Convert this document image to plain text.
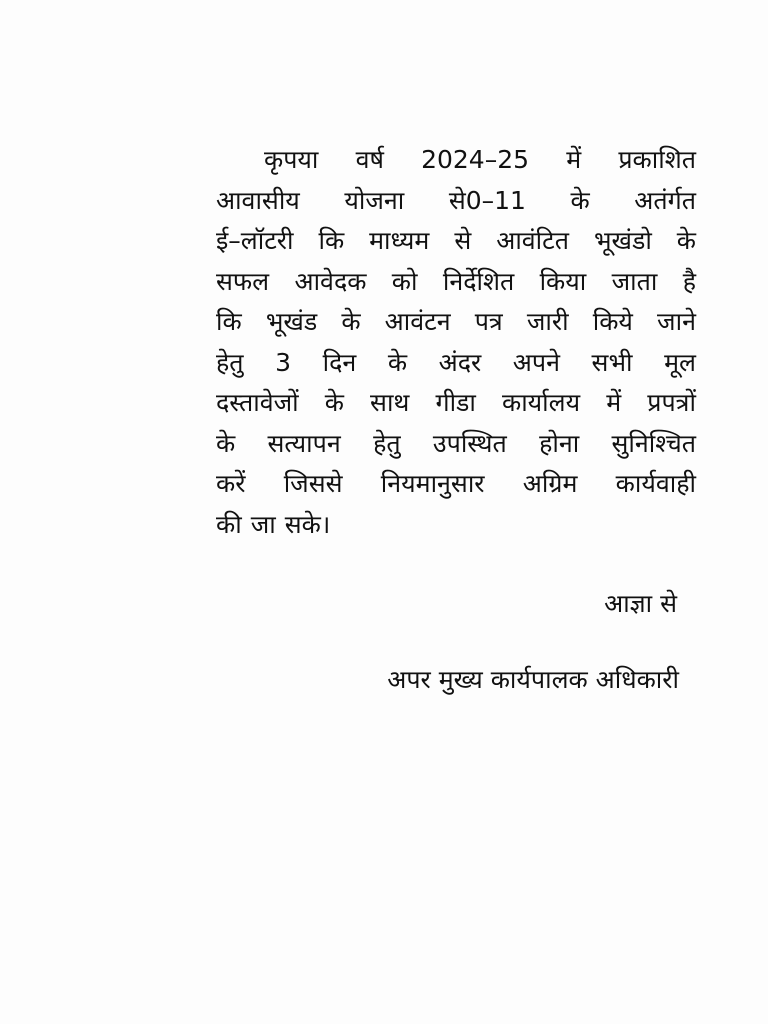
कृपया वर्ष 2024–25 में प्रकाशित
आवासीय योजना से0–11 के अतंर्गत
ई–लॉटरी कि माध्यम से आवंटित भूखंडो के
सफल आवेदक को निर्देशित किया जाता है
कि भूखंड के आवंटन पत्र जारी किये जाने
हेतु 3 दिन के अंदर अपने सभी मूल
दस्तावेजों के साथ गीडा कार्यालय में प्रपत्रों
के सत्यापन हेतु उपस्थित होना सुनिश्चित
करें जिससे नियमानुसार अग्रिम कार्यवाही
की जा सके।
आज्ञा से
अपर मुख्य कार्यपालक अधिकारी
